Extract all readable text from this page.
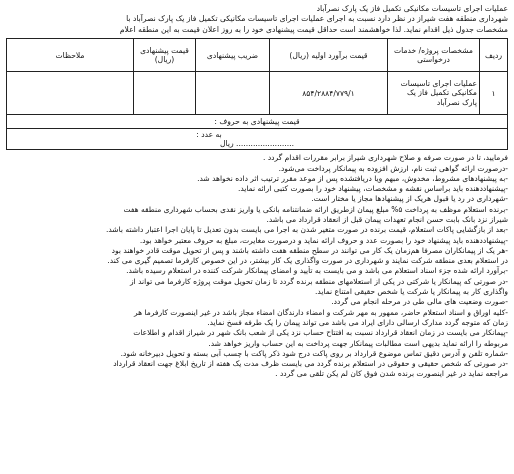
عملیات اجرای تاسیسات مکانیکی تکمیل فاز یک پارک نصرآباد
شهرداری منطقه هفت شیراز در نظر دارد نسبت به اجرای عملیات اجرای تاسیسات مکانیکی تکمیل فاز یک پارک نصرآباد با
مشخصات جدول ذیل اقدام نماید. لذا خواهشمند است حداقل قیمت پیشنهادی خود را به روز اعلان قیمت به این منطقه اعلام
ردیف	مشخصات پروژه/ خدمات درخواستی	قیمت برآورد اولیه (ریال)	ضریب پیشنهادی	قیمت پیشنهادی (ریال)	ملاحظات
۱	عملیات اجرای تاسیسات مکانیکی تکمیل فاز یک پارک نصرآباد	۸۵۴/۲۸۸۴/۷۷۹/۱			
قیمت پیشنهادی به حروف :					
به عدد :
........................ ریال					
فرمایید، تا در صورت صرفه و صلاح شهرداری شیراز برابر مقررات اقدام گردد .
-درصورت ارائه گواهی ثبت نام، ارزش افزوده به پیمانکار پرداخت می‌شود.
-به پیشنهادهای مشروط، مخدوش، مبهم ویا دریافتشده پس از موعد مقرر ترتیب اثر داده نخواهد شد.
-پیشنهاددهنده باید براساس نقشه و مشخصات، پیشنهاد خود را بصورت کتبی ارائه نماید.
-شهرداری در رد یا قبول هریک از پیشنهادها مجاز یا مختار است.
-برنده استعلام موظف به پرداخت ۵% مبلغ پیمان ازطریق ارائه ضمانتنامه بانکی یا واریز نقدی بحساب شهرداری منطقه هفت
شیراز نزد بانک بابت حسن انجام تعهدات پیمان قبل از انعقاد قرارداد می باشد.
-بعد از بازگشایی پاکات استعلام، قیمت برنده در صورت متغیر شدن به اجرا می بایست بدون تعدیل تا پایان اجرا اعتبار داشته باشد.
-پیشنهاددهنده باید پیشنهاد خود را بصورت عدد و حروف ارائه نماید و درصورت مغایرت، مبلغ به حروف معتبر خواهد بود.
-هر یک از پیمانکاران مصرفا هم‌زمان یک کار می توانند در سطح منطقه هفت داشته باشند و پس از تحویل موقت قادر خواهند بود
در استعلام بعدی منطقه شرکت نمایند و شهرداری در صورت واگذاری یک کار بیشتر، در این خصوص کارفرما تصمیم گیری می کند.
-برآورد ارائه شده جزء اسناد استعلام می باشد و می بایست به تأیید و امضای پیمانکار شرکت کننده در استعلام رسیده باشد.
-در صورتی که پیمانکار یا شرکتی در یکی از استعلامهای منطقه برنده گردد تا زمان تحویل موقت پروژه کارفرما می تواند از
واگذاری کار به پیمانکار یا شرکت یا شخص حقیقی امتناع نماید.
-صورت وضعیت های مالی طی در مرحله انجام می گردد.
-کلیه اوراق و اسناد استعلام حاضر، ممهور به مهر شرکت و امضاء دارندگان امضاء مجاز باشد در غیر اینصورت کارفرما هر
زمان که متوجه گردد مدارک ارسالی دارای ایراد می باشد می تواند پیمان را یک طرفه فسخ نماید.
-پیمانکار می بایست در زمان انعقاد قرارداد نسبت به افتتاح حساب نزد یکی از شعب بانک شهر در شیراز اقدام و اطلاعات
مربوطه را ارائه نماید بدیهی است مطالبات پیمانکار جهت پرداخت به این حساب واریز خواهد شد.
-شماره تلفن و آدرس دقیق تماس موضوع قرارداد بر روی پاکت درج شود ذکر پاکت با چسب آبی بسته و تحویل دبیرخانه شود.
-در صورتی که شخص حقیقی و حقوقی در استعلام برنده گردد می بایست ظرف مدت یک هفته از تاریخ ابلاغ جهت انعقاد قرارداد
مراجعه نماید در غیر اینصورت برنده شدن فوق کان لم یکن تلقی می گردد .
